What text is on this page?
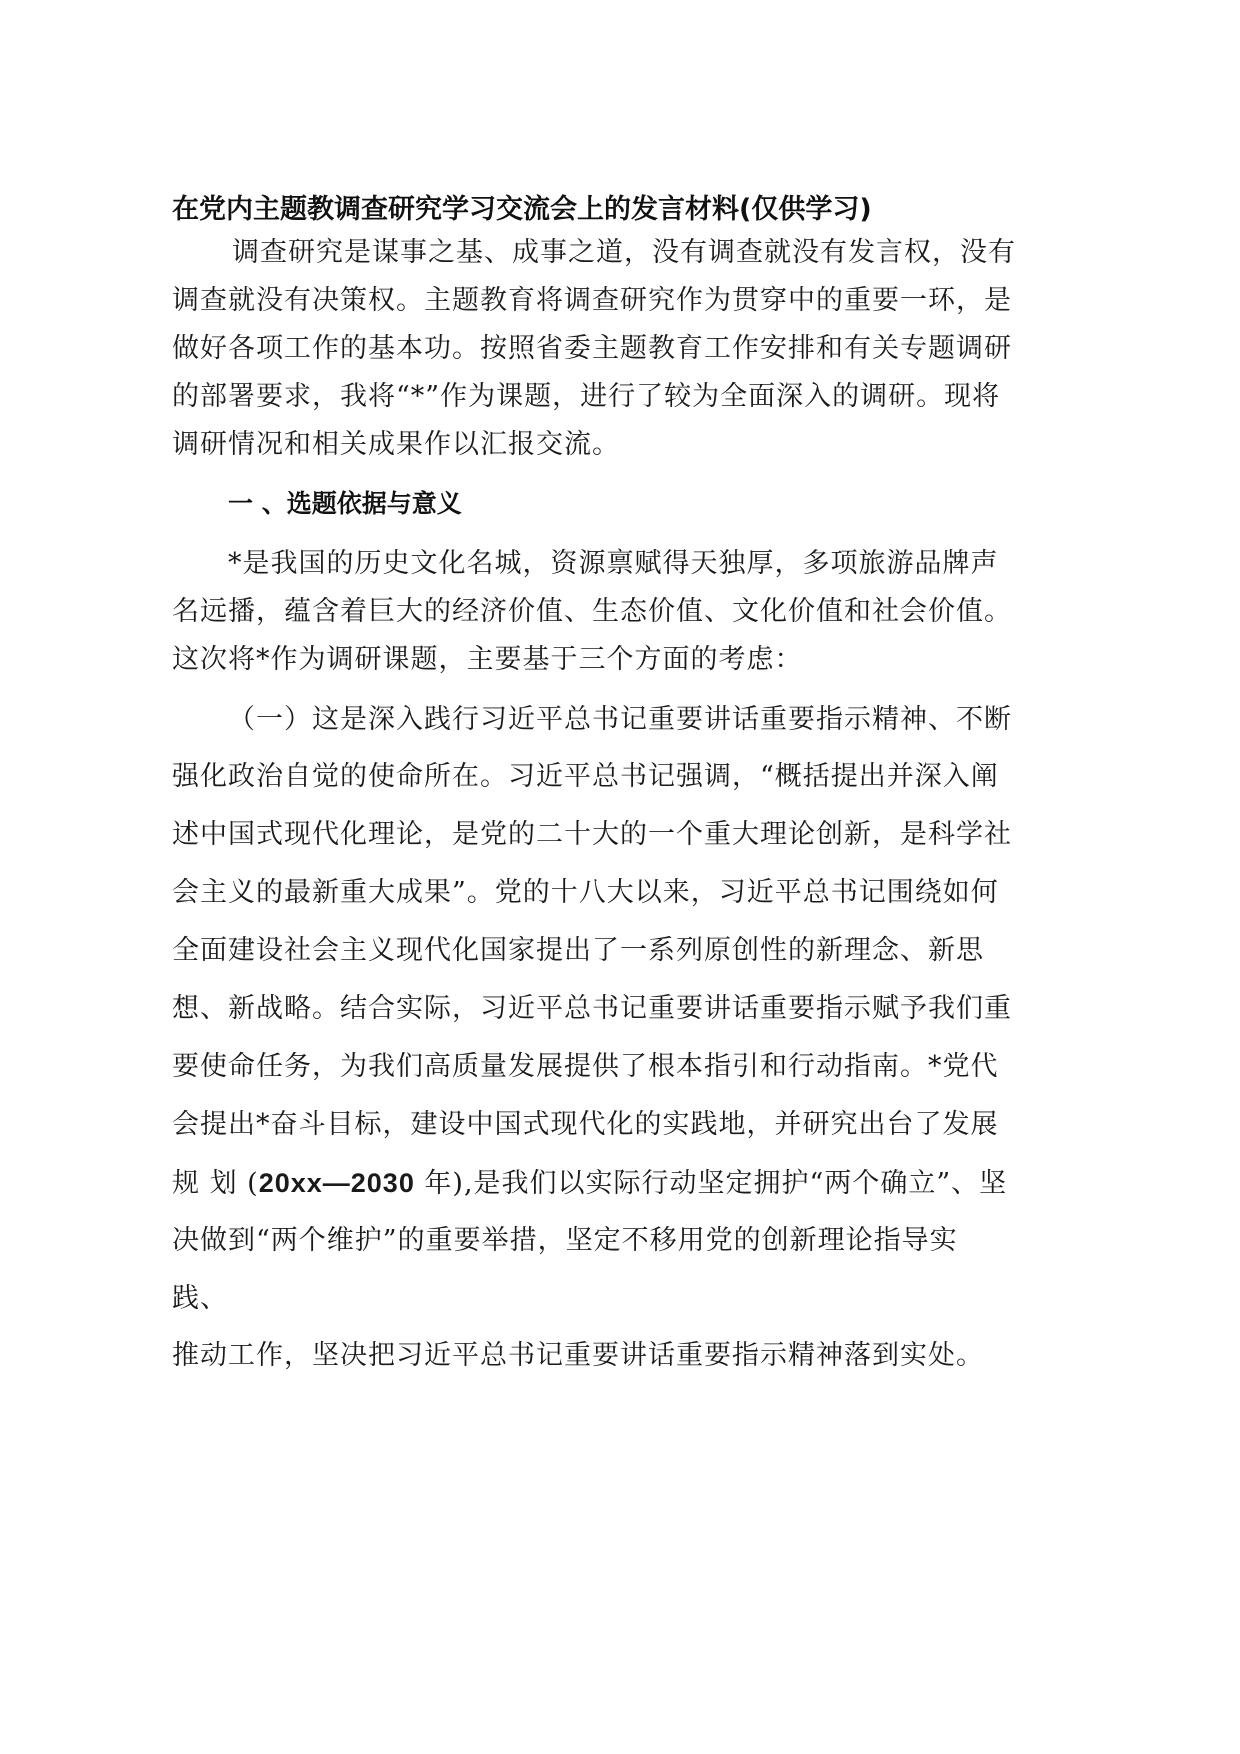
在党内主题教调查研究学习交流会上的发言材料(仅供学习)
调查研究是谋事之基、成事之道，没有调查就没有发言权，没有
调查就没有决策权。主题教育将调查研究作为贯穿中的重要一环，是
做好各项工作的基本功。按照省委主题教育工作安排和有关专题调研
的部署要求，我将“*”作为课题，进行了较为全面深入的调研。现将
调研情况和相关成果作以汇报交流。
一 、选题依据与意义
*是我国的历史文化名城，资源禀赋得天独厚，多项旅游品牌声
名远播，蕴含着巨大的经济价值、生态价值、文化价值和社会价值。
这次将*作为调研课题，主要基于三个方面的考虑：
（一）这是深入践行习近平总书记重要讲话重要指示精神、不断
强化政治自觉的使命所在。习近平总书记强调，“概括提出并深入阐
述中国式现代化理论，是党的二十大的一个重大理论创新，是科学社
会主义的最新重大成果”。党的十八大以来，习近平总书记围绕如何
全面建设社会主义现代化国家提出了一系列原创性的新理念、新思
想、新战略。结合实际，习近平总书记重要讲话重要指示赋予我们重
要使命任务，为我们高质量发展提供了根本指引和行动指南。*党代
会提出*奋斗目标，建设中国式现代化的实践地，并研究出台了发展
规 划 (20xx—2030 年),是我们以实际行动坚定拥护“两个确立”、坚
决做到“两个维护”的重要举措，坚定不移用党的创新理论指导实
践、
推动工作，坚决把习近平总书记重要讲话重要指示精神落到实处。
